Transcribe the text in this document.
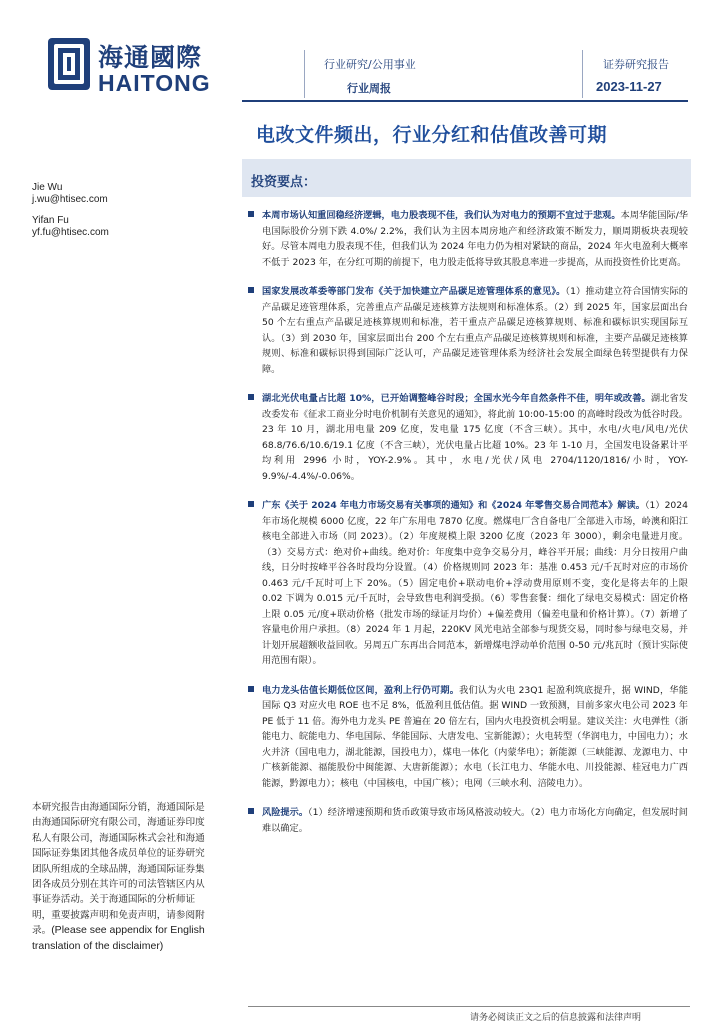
海通國際
HAITONG
行业研究/公用事业
行业周报
证券研究报告
2023-11-27
电改文件频出，行业分红和估值改善可期
投资要点：
Jie Wu
j.wu@htisec.com
Yifan Fu
yf.fu@htisec.com
本周市场认知重回稳经济逻辑，电力股表现不佳，我们认为对电力的预期不宜过于悲观。本周华能国际/华电国际股价分别下跌 4.0%/ 2.2%，我们认为主因本周房地产和经济政策不断发力，顺周期板块表现较好。尽管本周电力股表现不佳，但我们认为 2024 年电力仍为相对紧缺的商品，2024 年火电盈利大概率不低于 2023 年，在分红可期的前提下，电力股走低将导致其股息率进一步提高，从而投资性价比更高。
国家发展改革委等部门发布《关于加快建立产品碳足迹管理体系的意见》。（1）推动建立符合国情实际的产品碳足迹管理体系，完善重点产品碳足迹核算方法规则和标准体系。（2）到 2025 年，国家层面出台 50 个左右重点产品碳足迹核算规则和标准，若干重点产品碳足迹核算规则、标准和碳标识实现国际互认。（3）到 2030 年，国家层面出台 200 个左右重点产品碳足迹核算规则和标准，主要产品碳足迹核算规则、标准和碳标识得到国际广泛认可，产品碳足迹管理体系为经济社会发展全面绿色转型提供有力保障。
湖北光伏电量占比超 10%，已开始调整峰谷时段；全国水光今年自然条件不佳，明年或改善。湖北省发改委发布《征求工商业分时电价机制有关意见的通知》，将此前 10:00-15:00 的高峰时段改为低谷时段。23 年 10 月，湖北用电量 209 亿度，发电量 175 亿度（不含三峡）。其中，水电/火电/风电/光伏 68.8/76.6/10.6/19.1 亿度（不含三峡），光伏电量占比超 10%。23 年 1-10 月，全国发电设备累计平均利用 2996 小时，YOY-2.9%。其中，水电/光伏/风电 2704/1120/1816/小时，YOY-9.9%/-4.4%/-0.06%。
广东《关于 2024 年电力市场交易有关事项的通知》和《2024 年零售交易合同范本》解读。（1）2024 年市场化规模 6000 亿度，22 年广东用电 7870 亿度。燃煤电厂含自备电厂全部进入市场，岭澳和阳江核电全部进入市场（同 2023）。（2）年度规模上限 3200 亿度（2023 年 3000），剩余电量进月度。（3）交易方式：绝对价+曲线。绝对价：年度集中竞争交易分月，峰谷平开展；曲线：月分日按用户曲线，日分时按峰平谷各时段均分设置。（4）价格规则同 2023 年：基准 0.453 元/千瓦时对应的市场价 0.463 元/千瓦时可上下 20%。（5）固定电价+联动电价+浮动费用原则不变，变化是将去年的上限 0.02 下调为 0.015 元/千瓦时，会导致售电利润受损。（6）零售套餐：细化了绿电交易模式：固定价格上限 0.05 元/度+联动价格（批发市场的绿证月均价）+偏差费用（偏差电量和价格计算）。（7）新增了容量电价用户承担。（8）2024 年 1 月起，220KV 风光电站全部参与现货交易，同时参与绿电交易，并计划开展超额收益回收。另周五广东再出合同范本，新增煤电浮动单价范围 0-50 元/兆瓦时（预计实际使用范围有限）。
电力龙头估值长期低位区间，盈利上行仍可期。我们认为火电 23Q1 起盈利筑底提升，据 WIND，华能国际 Q3 对应火电 ROE 也不足 8%，低盈利且低估值。据 WIND 一致预测，目前多家火电公司 2023 年 PE 低于 11 倍。海外电力龙头 PE 普遍在 20 倍左右，国内火电投资机会明显。建议关注：火电弹性（浙能电力、皖能电力、华电国际、华能国际、大唐发电、宝新能源）；火电转型（华润电力，中国电力）；水火并济（国电电力，湖北能源，国投电力），煤电一体化（内蒙华电）；新能源（三峡能源、龙源电力、中广核新能源、福能股份中闽能源、大唐新能源）；水电（长江电力、华能水电、川投能源、桂冠电力广西能源，黔源电力）；核电（中国核电，中国广核）；电网（三峡水利、涪陵电力）。
风险提示。（1）经济增速预期和货币政策导致市场风格波动较大。（2）电力市场化方向确定，但发展时间难以确定。
本研究报告由海通国际分销，海通国际是由海通国际研究有限公司，海通证券印度私人有限公司，海通国际株式会社和海通国际证券集团其他各成员单位的证券研究团队所组成的全球品牌，海通国际证券集团各成员分别在其许可的司法管辖区内从事证券活动。关于海通国际的分析师证明，重要披露声明和免责声明，请参阅附录。(Please see appendix for English translation of the disclaimer)
请务必阅读正文之后的信息披露和法律声明
